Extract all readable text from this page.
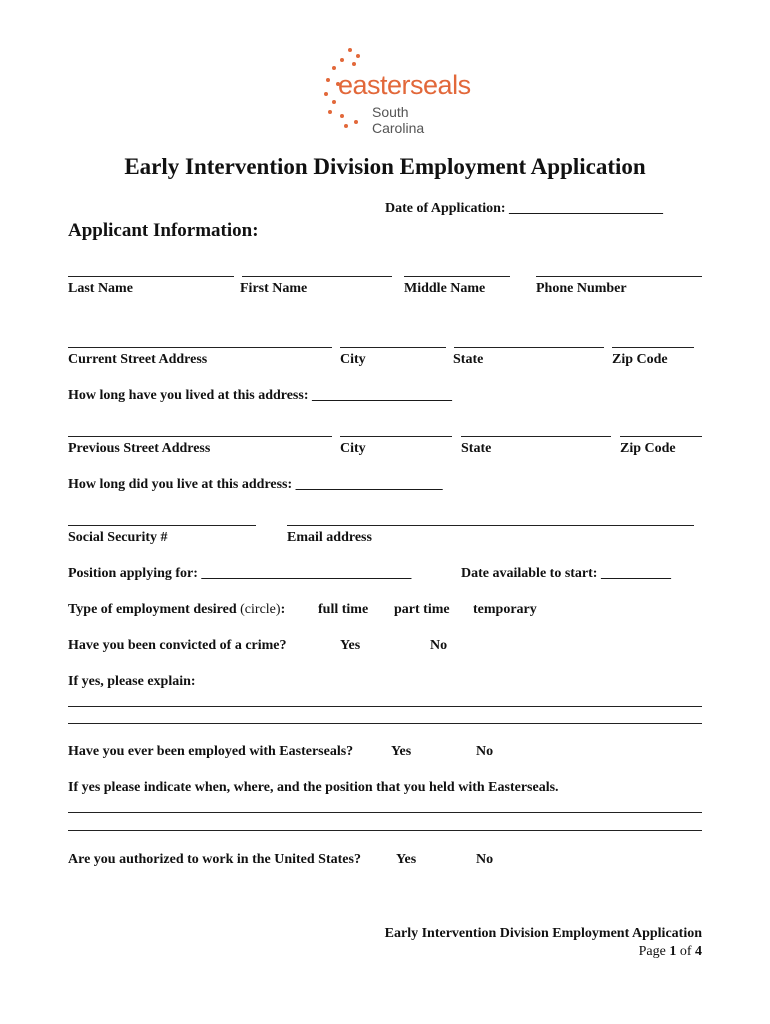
easterseals
South Carolina
Early Intervention Division Employment Application
Date of Application: ______________________
Applicant Information:
Last Name	First Name	Middle Name	Phone Number
Current Street Address	City	State	Zip Code
How long have you lived at this address: ____________________
Previous Street Address	City	State	Zip Code
How long did you live at this address: _____________________
Social Security #	Email address
Position applying for: ______________________________	Date available to start: __________
Type of employment desired (circle): full time part time temporary
Have you been convicted of a crime?	Yes	No
If yes, please explain:
Have you ever been employed with Easterseals?	Yes	No
If yes please indicate when, where, and the position that you held with Easterseals.
Are you authorized to work in the United States?	Yes	No
Early Intervention Division Employment Application
Page 1 of 4
